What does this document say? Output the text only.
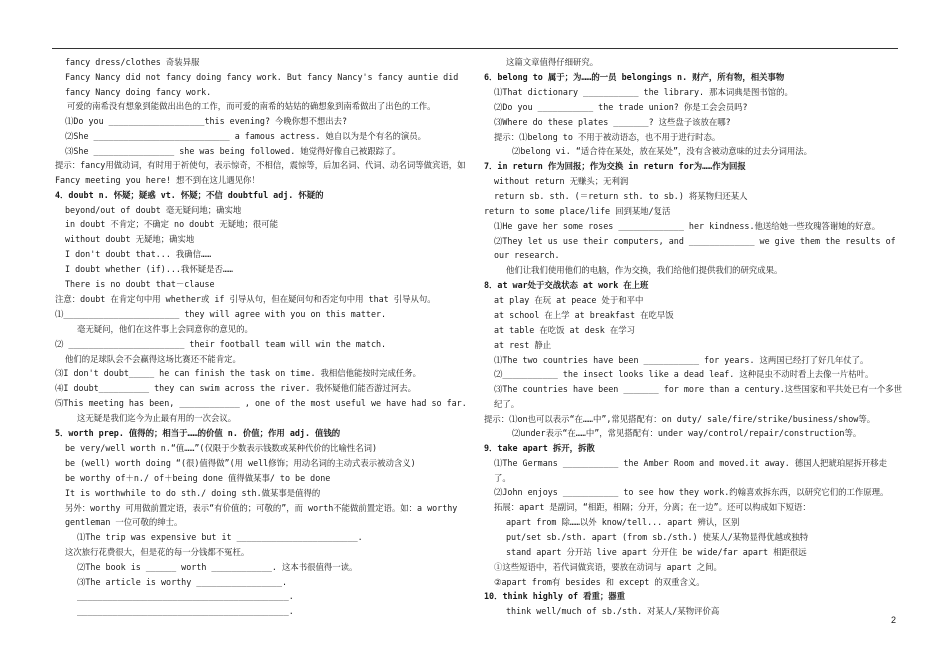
fancy dress/clothes 奇装异服
Fancy Nancy did not fancy doing fancy work. But fancy Nancy's fancy auntie did fancy Nancy doing fancy work.
可爱的南希没有想象到能做出出色的工作，而可爱的南希的姑姑的确想象到南希做出了出色的工作。
⑴Do you ___________________this evening? 今晚你想不想出去?
⑵She ___________________________ a famous actress. 她自以为是个有名的演员。
⑶She ________________ she was being followed. 她觉得好像自己被跟踪了。
提示：fancy用做动词，有时用于祈使句，表示惊奇，不相信，震惊等，后加名词、代词、动名词等做宾语，如Fancy meeting you here! 想不到在这儿遇见你！
4．doubt n. 怀疑；疑惑 vt. 怀疑；不信 doubtful adj. 怀疑的
beyond/out of doubt 毫无疑问地；确实地
in doubt 不肯定；不确定 no doubt 无疑地；很可能
without doubt 无疑地；确实地
I don't doubt that... 我确信……
I doubt whether (if)...我怀疑是否……
There is no doubt that－clause
注意：doubt 在肯定句中用 whether或 if 引导从句，但在疑问句和否定句中用 that 引导从句。
⑴_______________________ they will agree with you on this matter.
毫无疑问，他们在这件事上会同意你的意见的。
⑵ _______________________ their football team will win the match.
他们的足球队会不会赢得这场比赛还不能肯定。
⑶I don't doubt_____ he can finish the task on time. 我相信他能按时完成任务。
⑷I doubt__________ they can swim across the river. 我怀疑他们能否游过河去。
⑸This meeting has been, ____________ , one of the most useful we have had so far.
这无疑是我们迄今为止最有用的一次会议。
5．worth prep. 值得的；相当于……的价值 n. 价值；作用 adj. 值钱的
be very/well worth n.“值……”(仅限于少数表示钱数或某种代价的比喻性名词)
be (well) worth doing “(很)值得做”(用 well修饰；用动名词的主动式表示被动含义)
be worthy of＋n./ of＋being done 值得做某事/ to be done
It is worthwhile to do sth./ doing sth.做某事是值得的
另外：worthy 可用做前置定语，表示“有价值的；可敬的”，而 worth不能做前置定语。如：a worthy gentleman 一位可敬的绅士。
⑴The trip was expensive but it ________________________.
这次旅行花费很大，但是花的每一分钱都不冤枉。
⑵The book is ______ worth ____________. 这本书很值得一读。
⑶The article is worthy _________________.
__________________________________________.
__________________________________________.
这篇文章值得仔细研究。
6．belong to 属于；为……的一员 belongings n. 财产，所有物，相关事物
⑴That dictionary ___________ the library. 那本词典是图书馆的。
⑵Do you ___________ the trade union? 你是工会会员吗?
⑶Where do these plates _______? 这些盘子该放在哪?
提示：⑴belong to 不用于被动语态，也不用于进行时态。
⑵belong vi. “适合待在某处，放在某处”，没有含被动意味的过去分词用法。
7．in return 作为回报；作为交换 in return for为……作为回报
without return 无赚头；无利润
return sb. sth. (＝return sth. to sb.) 将某物归还某人
return to some place/life 回到某地/复活
⑴He gave her some roses _____________ her kindness.他送给她一些玫瑰答谢她的好意。
⑵They let us use their computers, and _____________ we give them the results of our research.
他们让我们使用他们的电脑，作为交换，我们给他们提供我们的研究成果。
8．at war处于交战状态 at work 在上班
at play 在玩 at peace 处于和平中
at school 在上学 at breakfast 在吃早饭
at table 在吃饭 at desk 在学习
at rest 静止
⑴The two countries have been ___________ for years. 这两国已经打了好几年仗了。
⑵___________ the insect looks like a dead leaf. 这种昆虫不动时看上去像一片枯叶。
⑶The countries have been _______ for more than a century.这些国家和平共处已有一个多世纪了。
提示：⑴on也可以表示“在……中”,常见搭配有：on duty/ sale/fire/strike/business/show等。
⑵under表示“在……中”，常见搭配有：under way/control/repair/construction等。
9．take apart 拆开，拆散
⑴The Germans ___________ the Amber Room and moved.it away. 德国人把琥珀屋拆开移走了。
⑵John enjoys ___________ to see how they work.约翰喜欢拆东西，以研究它们的工作原理。
拓展：apart 是副词，“相距，相隔；分开，分离；在一边”。还可以构成如下短语：
apart from 除……以外 know/tell... apart 辨认，区别
put/set sb./sth. apart (from sb./sth.) 使某人/某物显得优越或独特
stand apart 分开站 live apart 分开住 be wide/far apart 相距很远
①这些短语中，若代词做宾语，要放在动词与 apart 之间。
②apart from有 besides 和 except 的双重含义。
10．think highly of 看重；器重
think well/much of sb./sth. 对某人/某物评价高
2
